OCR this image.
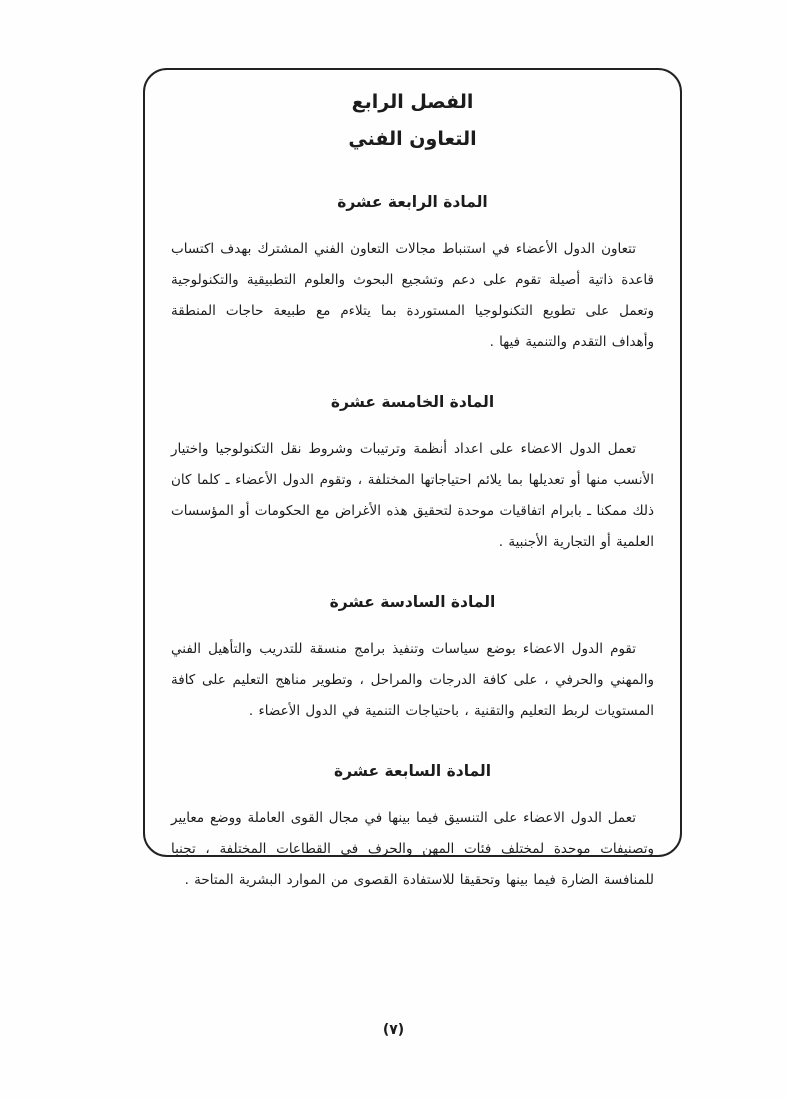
الفصل الرابع
التعاون الفني
المادة الرابعة عشرة

تتعاون الدول الأعضاء في استنباط مجالات التعاون الفني المشترك بهدف اكتساب قاعدة ذاتية أصيلة تقوم على دعم وتشجيع البحوث والعلوم التطبيقية والتكنولوجية وتعمل على تطويع التكنولوجيا المستوردة بما يتلاءم مع طبيعة حاجات المنطقة وأهداف التقدم والتنمية فيها .

المادة الخامسة عشرة

تعمل الدول الاعضاء على اعداد أنظمة وترتيبات وشروط نقل التكنولوجيا واختيار الأنسب منها أو تعديلها بما يلائم احتياجاتها المختلفة ، وتقوم الدول الأعضاء ـ كلما كان ذلك ممكنا ـ بابرام اتفاقيات موحدة لتحقيق هذه الأغراض مع الحكومات أو المؤسسات العلمية أو التجارية الأجنبية .

المادة السادسة عشرة

تقوم الدول الاعضاء بوضع سياسات وتنفيذ برامج منسقة للتدريب والتأهيل الفني والمهني والحرفي ، على كافة الدرجات والمراحل ، وتطوير مناهج التعليم على كافة المستويات لربط التعليم والتقنية ، باحتياجات التنمية في الدول الأعضاء .

المادة السابعة عشرة

تعمل الدول الاعضاء على التنسيق فيما بينها في مجال القوى العاملة ووضع معايير وتصنيفات موحدة لمختلف فئات المهن والحرف في القطاعات المختلفة ، تجنبا للمنافسة الضارة فيما بينها وتحقيقا للاستفادة القصوى من الموارد البشرية المتاحة .

(٧)
